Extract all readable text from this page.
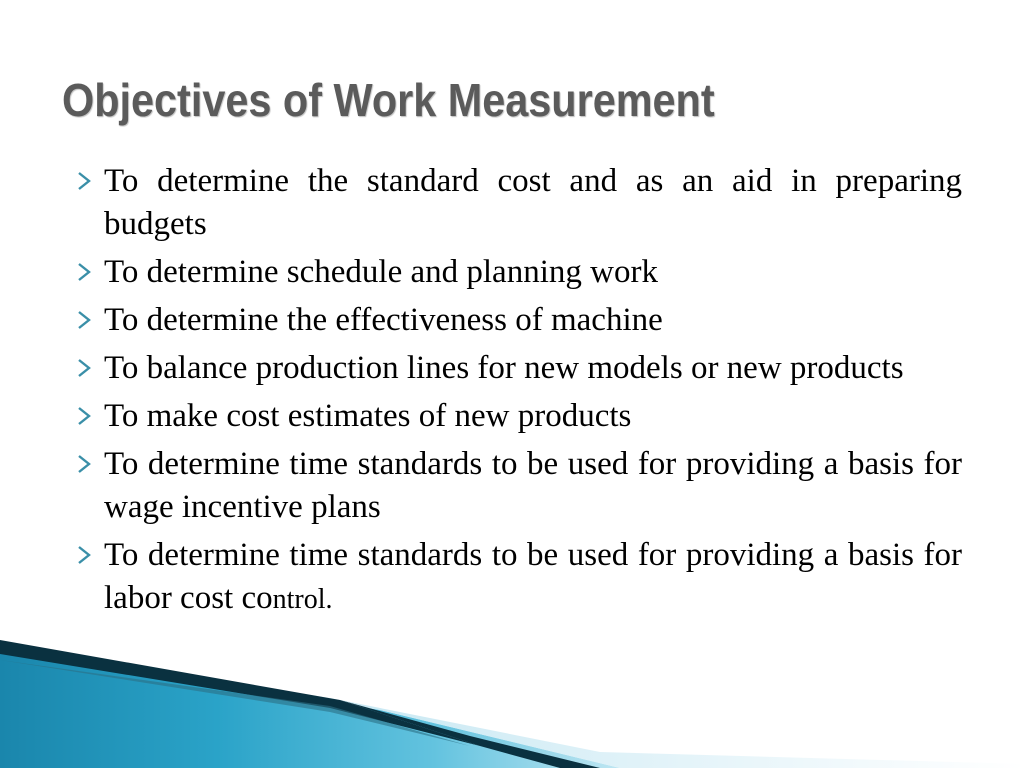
Objectives of Work Measurement
To determine the standard cost and as an aid in preparing budgets
To determine schedule and planning work
To determine the effectiveness of machine
To balance production lines for new models or new products
To make cost estimates of new products
To determine time standards to be used for providing a basis for wage incentive plans
To determine time standards to be used for providing a basis for labor cost control.
